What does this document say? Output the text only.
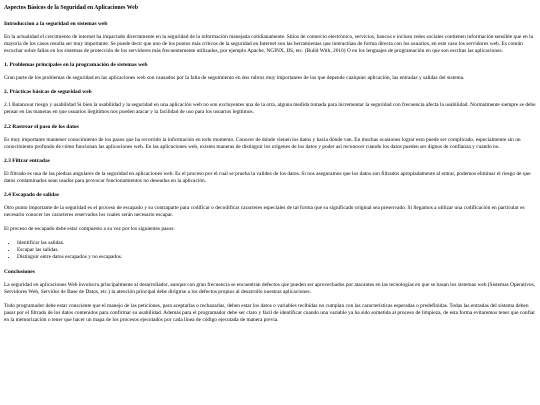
Aspectos Básicos de la Seguridad en Aplicaciones Web
Introduccion a la seguridad en sistemas web

En la actualidad el crecimiento de internet ha impactado directamente en la seguridad de la información manejada cotidianamente. Sitios de comercio electrónico, servicios, bancos e incluso redes sociales contienen información sensible que en la mayoría de los casos resulta ser muy importante. Se puede decir que uno de los puntos más críticos de la seguridad en Internet son las herramientas que interactúan de forma directa con los usuarios, en este caso los servidores web. Es común escuchar sobre fallas en los sistemas de protección de los servidores más frecuentemente utilizados, por ejemplo Apache, NGINX, IIS, etc. (Build With, 2016) O en los lenguajes de programación en que son escritas las aplicaciones.

1. Problemas principales en la programación de sistemas web

Gran parte de los problemas de seguridad en las aplicaciones web son causados por la falta de seguimiento en dos rubros muy importantes de los que depende cualquier aplicación, las entradas y salidas del sistema.

2. Prácticas básicas de seguridad web

2.1 Balancear riesgo y usabilidad Si bien la usabilidad y la seguridad en una aplicación web no son excluyentes una de la otra, alguna medida tomada para incrementar la seguridad con frecuencia afecta la usabilidad. Normalmente siempre se debe pensar en las maneras en que usuarios ilegítimos nos pueden atacar y la facilidad de uso para los usuarios legítimos.

2.2 Rastrear el paso de los datos

Es muy importante mantener conocimiento de los pasos que ha recorrido la información en todo momento. Conocer de dónde vienen los datos y hacia dónde van. En muchas ocasiones lograr esto puede ser complicado, especialmente sin un conocimiento profundo de cómo funcionan las aplicaciones web. En las aplicaciones web, existen maneras de distinguir los orígenes de los datos y poder así reconocer cuando los datos pueden ser dignos de confianza y cuando no.

2.3 Filtrar entradas

El filtrado es una de las piedras angulares de la seguridad en aplicaciones web. Es el proceso por el cual se prueba la validez de los datos. Si nos aseguramos que los datos son filtrados apropiadamente al entrar, podemos eliminar el riesgo de que datos contaminados sean usados para provocar funcionamientos no deseados en la aplicación.

2.4 Escapado de salidas

Otro punto importante de la seguridad es el proceso de escapado y su contraparte para codificar o decodificar caracteres especiales de tal forma que su significado original sea preservado. Si llegamos a utilizar una codificación en particular es necesario conocer los caracteres reservados los cuales serán necesario escapar.

El proceso de escapado debe estar compuesto a su vez por los siguientes pasos:

• Identificar las salidas.
• Escapar las salidas.
• Distinguir entre datos escapados y no escapados.
Conclusiones

La seguridad en aplicaciones Web involucra principalmente al desarrollador, aunque con gran frecuencia se encuentran defectos que pueden ser aprovechados por atacantes en las tecnologías en que se basan los sistemas web (Sistemas Operativos, Servidores Web, Servidor de Base de Datos, etc.) la atención principal debe dirigirse a los defectos propios al desarrollo nuestras aplicaciones.

Todo programador debe estar consciente que el manejo de las peticiones, para aceptarlas o rechazarlas, deben estar los datos o variables recibidas no cumplan con las características esperadas o predefinidas. Todas las entradas del sistema deben pasar por el filtrado de los datos contenidos para confirmar su usabilidad. Además para el programador debe ser claro y fácil de identificar cuando una variable ya ha sido sometida al proceso de limpieza, de esta forma evitaremos tener que confiar en la memorización o tener que hacer un mapa de los procesos ejecutados por cada línea de código ejecutada de manera previa.
